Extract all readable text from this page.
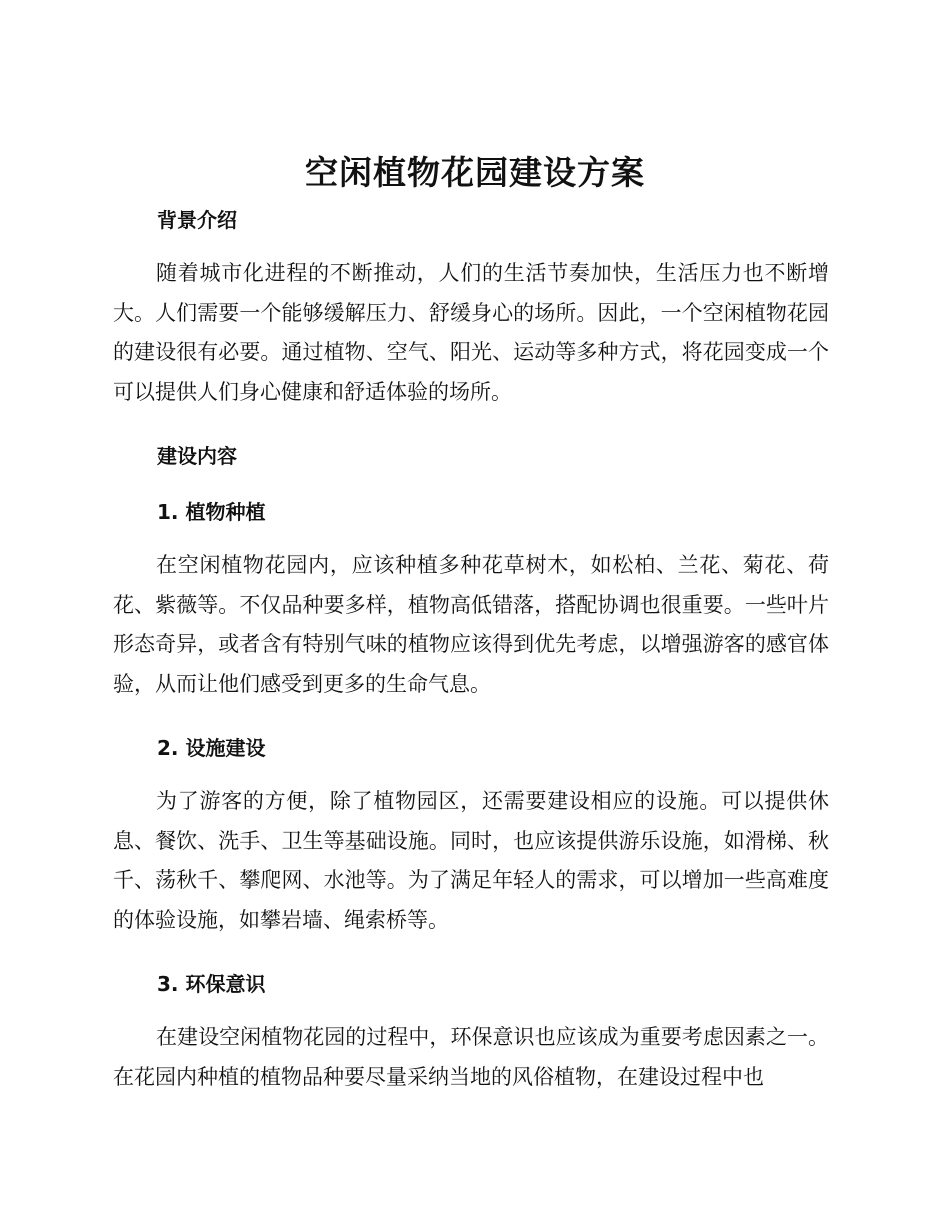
空闲植物花园建设方案
背景介绍

随着城市化进程的不断推动，人们的生活节奏加快，生活压力也不断增大。人们需要一个能够缓解压力、舒缓身心的场所。因此，一个空闲植物花园的建设很有必要。通过植物、空气、阳光、运动等多种方式，将花园变成一个可以提供人们身心健康和舒适体验的场所。

建设内容
1. 植物种植

在空闲植物花园内，应该种植多种花草树木，如松柏、兰花、菊花、荷花、紫薇等。不仅品种要多样，植物高低错落，搭配协调也很重要。一些叶片形态奇异，或者含有特别气味的植物应该得到优先考虑，以增强游客的感官体验，从而让他们感受到更多的生命气息。

2. 设施建设

为了游客的方便，除了植物园区，还需要建设相应的设施。可以提供休息、餐饮、洗手、卫生等基础设施。同时，也应该提供游乐设施，如滑梯、秋千、荡秋千、攀爬网、水池等。为了满足年轻人的需求，可以增加一些高难度的体验设施，如攀岩墙、绳索桥等。

3. 环保意识

在建设空闲植物花园的过程中，环保意识也应该成为重要考虑因素之一。在花园内种植的植物品种要尽量采纳当地的风俗植物，在建设过程中也
